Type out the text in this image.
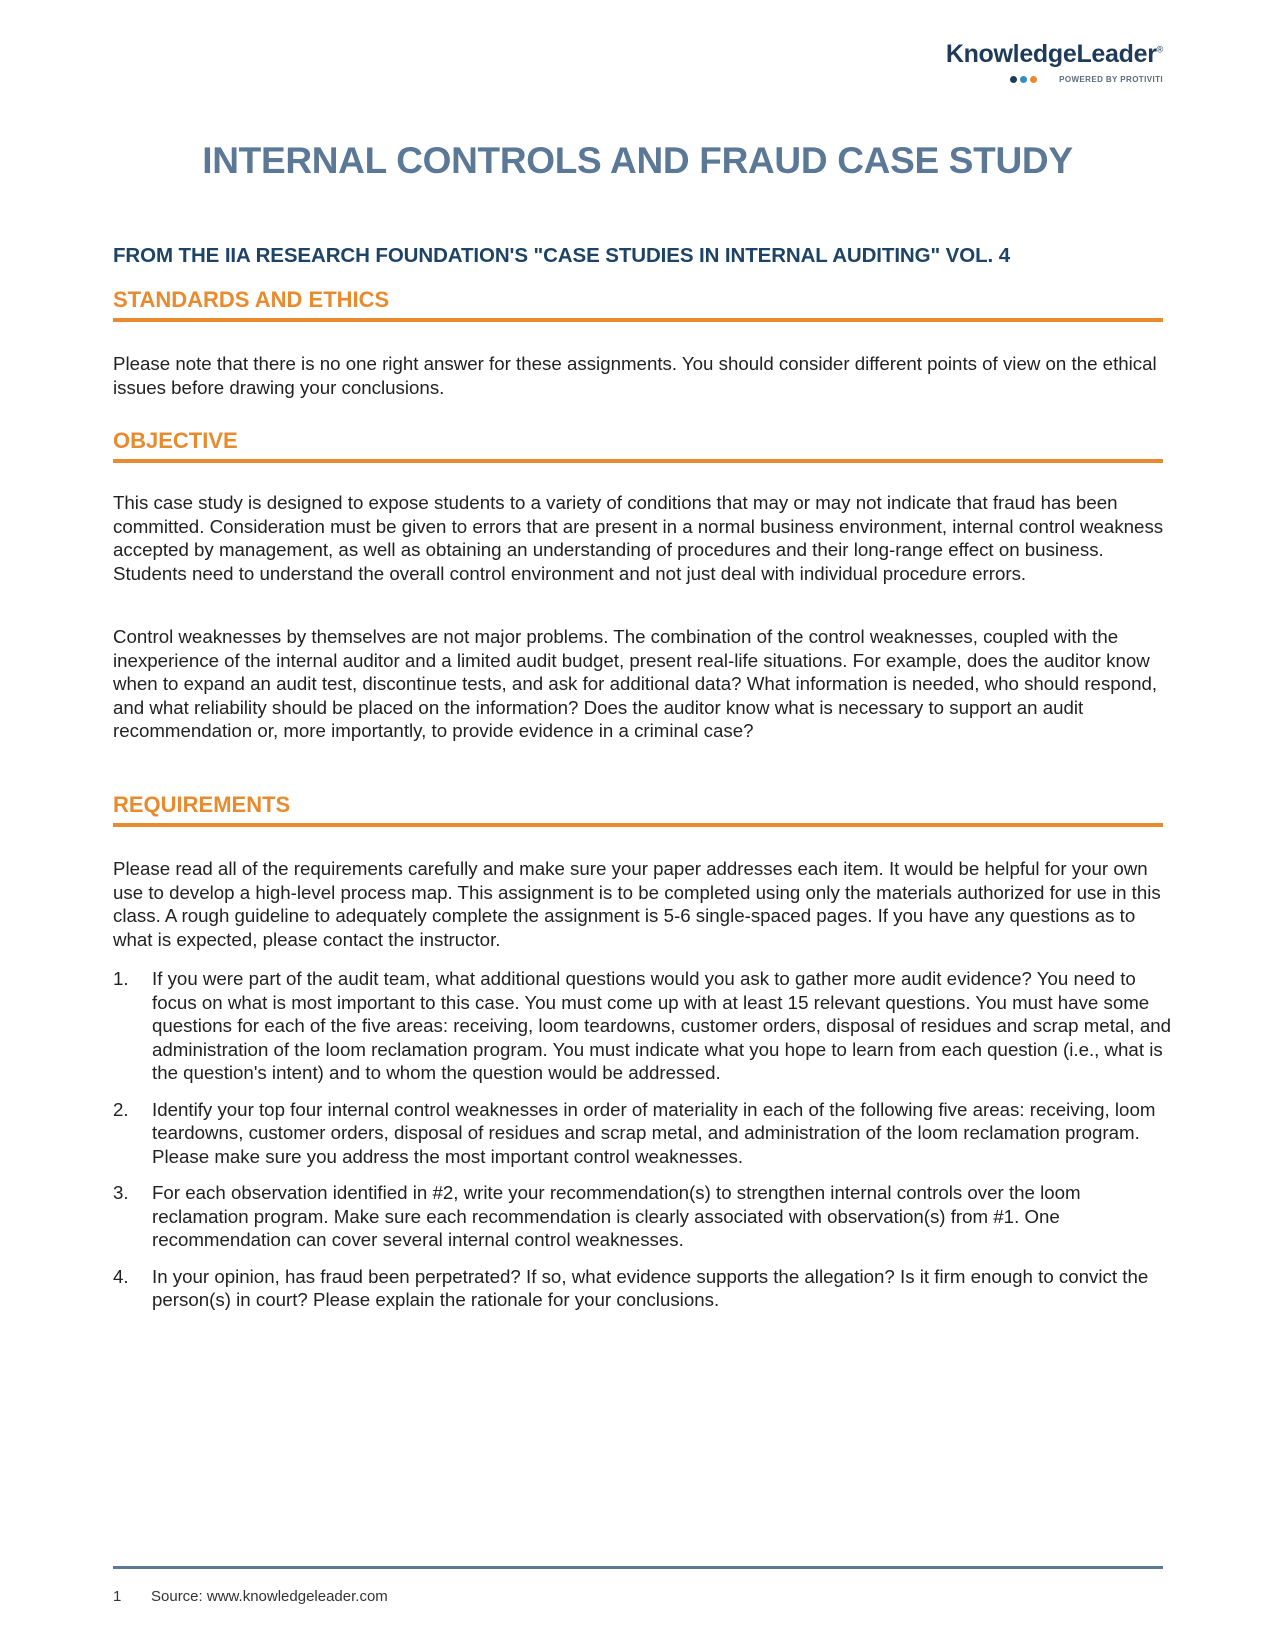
KnowledgeLeader®
POWERED BY PROTIVITI
INTERNAL CONTROLS AND FRAUD CASE STUDY
FROM THE IIA RESEARCH FOUNDATION'S "CASE STUDIES IN INTERNAL AUDITING" VOL. 4
STANDARDS AND ETHICS

Please note that there is no one right answer for these assignments. You should consider different points of view on the ethical issues before drawing your conclusions.

OBJECTIVE

This case study is designed to expose students to a variety of conditions that may or may not indicate that fraud has been committed. Consideration must be given to errors that are present in a normal business environment, internal control weakness accepted by management, as well as obtaining an understanding of procedures and their long-range effect on business. Students need to understand the overall control environment and not just deal with individual procedure errors.

Control weaknesses by themselves are not major problems. The combination of the control weaknesses, coupled with the inexperience of the internal auditor and a limited audit budget, present real-life situations. For example, does the auditor know when to expand an audit test, discontinue tests, and ask for additional data? What information is needed, who should respond, and what reliability should be placed on the information? Does the auditor know what is necessary to support an audit recommendation or, more importantly, to provide evidence in a criminal case?

REQUIREMENTS

Please read all of the requirements carefully and make sure your paper addresses each item. It would be helpful for your own use to develop a high-level process map. This assignment is to be completed using only the materials authorized for use in this class. A rough guideline to adequately complete the assignment is 5-6 single-spaced pages. If you have any questions as to what is expected, please contact the instructor.

1. If you were part of the audit team, what additional questions would you ask to gather more audit evidence? You need to focus on what is most important to this case. You must come up with at least 15 relevant questions. You must have some questions for each of the five areas: receiving, loom teardowns, customer orders, disposal of residues and scrap metal, and administration of the loom reclamation program. You must indicate what you hope to learn from each question (i.e., what is the question's intent) and to whom the question would be addressed.
2. Identify your top four internal control weaknesses in order of materiality in each of the following five areas: receiving, loom teardowns, customer orders, disposal of residues and scrap metal, and administration of the loom reclamation program. Please make sure you address the most important control weaknesses.
3. For each observation identified in #2, write your recommendation(s) to strengthen internal controls over the loom reclamation program. Make sure each recommendation is clearly associated with observation(s) from #1. One recommendation can cover several internal control weaknesses.
4. In your opinion, has fraud been perpetrated? If so, what evidence supports the allegation? Is it firm enough to convict the person(s) in court? Please explain the rationale for your conclusions.
1 Source: www.knowledgeleader.com
